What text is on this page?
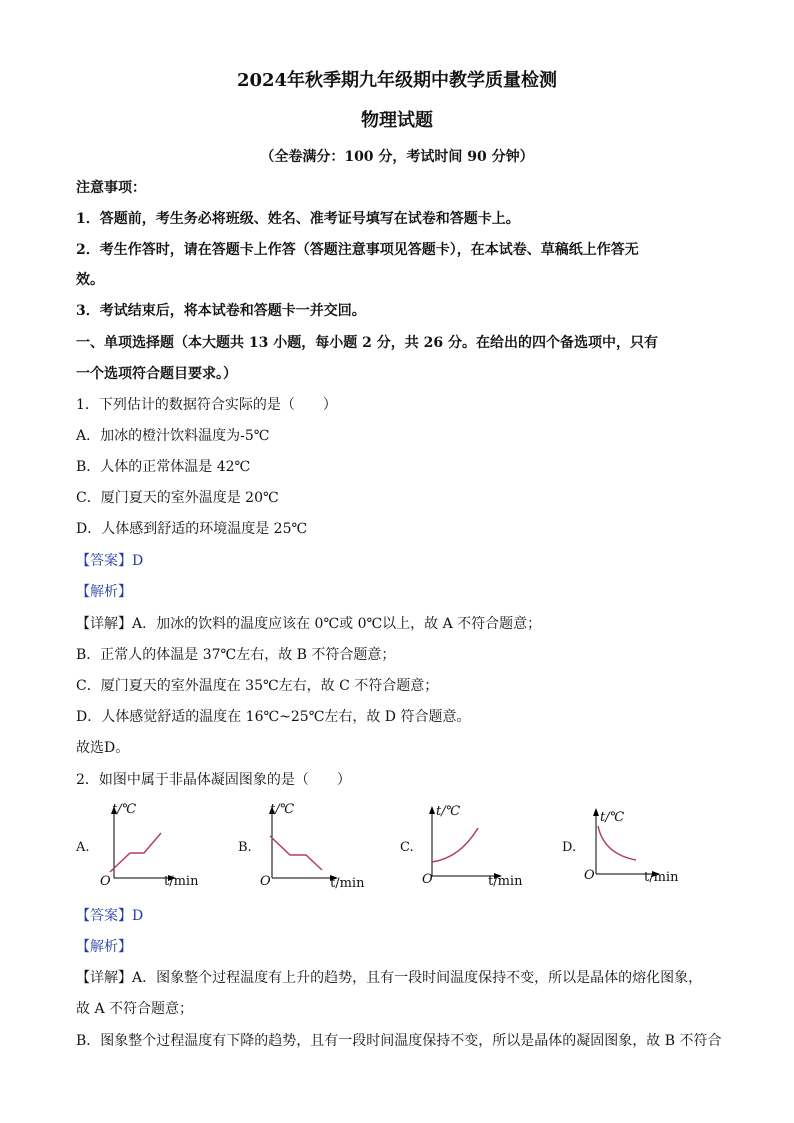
2024年秋季期九年级期中教学质量检测
物理试题
（全卷满分：100 分，考试时间 90 分钟）
注意事项：
1．答题前，考生务必将班级、姓名、准考证号填写在试卷和答题卡上。
2．考生作答时，请在答题卡上作答（答题注意事项见答题卡），在本试卷、草稿纸上作答无
效。
3．考试结束后，将本试卷和答题卡一并交回。
一、单项选择题（本大题共 13 小题，每小题 2 分，共 26 分。在给出的四个备选项中，只有
一个选项符合题目要求。）
1．下列估计的数据符合实际的是（　　）
A．加冰的橙汁饮料温度为-5℃
B．人体的正常体温是 42℃
C．厦门夏天的室外温度是 20℃
D．人体感到舒适的环境温度是 25℃
【答案】D
【解析】
【详解】A．加冰的饮料的温度应该在 0℃或 0℃以上，故 A 不符合题意；
B．正常人的体温是 37℃左右，故 B 不符合题意；
C．厦门夏天的室外温度在 35℃左右，故 C 不符合题意；
D．人体感觉舒适的温度在 16℃~25℃左右，故 D 符合题意。
故选D。
2．如图中属于非晶体凝固图象的是（　　）
A.
t/℃
O	t/min
B.
t/℃
O	t/min
C.
t/℃
O	t/min
D.
t/℃
O	t/min
【答案】D
【解析】
【详解】A．图象整个过程温度有上升的趋势，且有一段时间温度保持不变，所以是晶体的熔化图象，
故 A 不符合题意；
B．图象整个过程温度有下降的趋势，且有一段时间温度保持不变，所以是晶体的凝固图象，故 B 不符合
